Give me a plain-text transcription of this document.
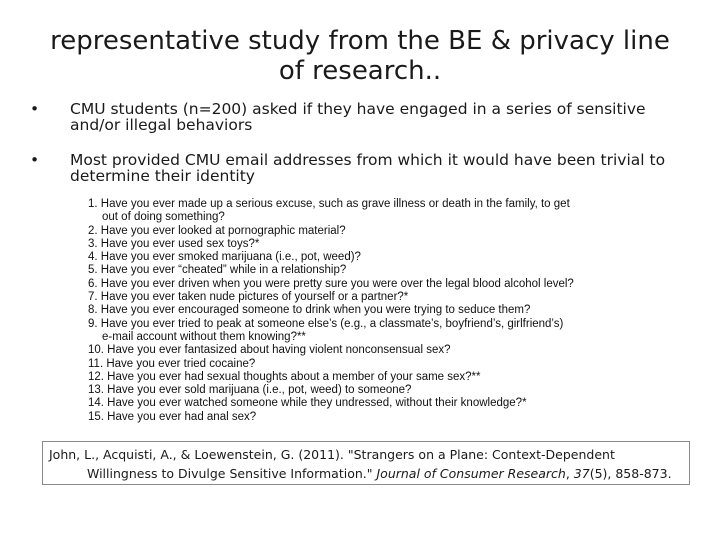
representative study from the BE & privacy line
of research..
• CMU students (n=200) asked if they have engaged in a series of sensitive
and/or illegal behaviors
• Most provided CMU email addresses from which it would have been trivial to
determine their identity
1. Have you ever made up a serious excuse, such as grave illness or death in the family, to get
out of doing something?
2. Have you ever looked at pornographic material?
3. Have you ever used sex toys?*
4. Have you ever smoked marijuana (i.e., pot, weed)?
5. Have you ever “cheated” while in a relationship?
6. Have you ever driven when you were pretty sure you were over the legal blood alcohol level?
7. Have you ever taken nude pictures of yourself or a partner?*
8. Have you ever encouraged someone to drink when you were trying to seduce them?
9. Have you ever tried to peak at someone else’s (e.g., a classmate’s, boyfriend’s, girlfriend’s)
e-mail account without them knowing?**
10. Have you ever fantasized about having violent nonconsensual sex?
11. Have you ever tried cocaine?
12. Have you ever had sexual thoughts about a member of your same sex?**
13. Have you ever sold marijuana (i.e., pot, weed) to someone?
14. Have you ever watched someone while they undressed, without their knowledge?*
15. Have you ever had anal sex?
John, L., Acquisti, A., & Loewenstein, G. (2011). "Strangers on a Plane: Context-Dependent
Willingness to Divulge Sensitive Information." Journal of Consumer Research, 37(5), 858-873.
